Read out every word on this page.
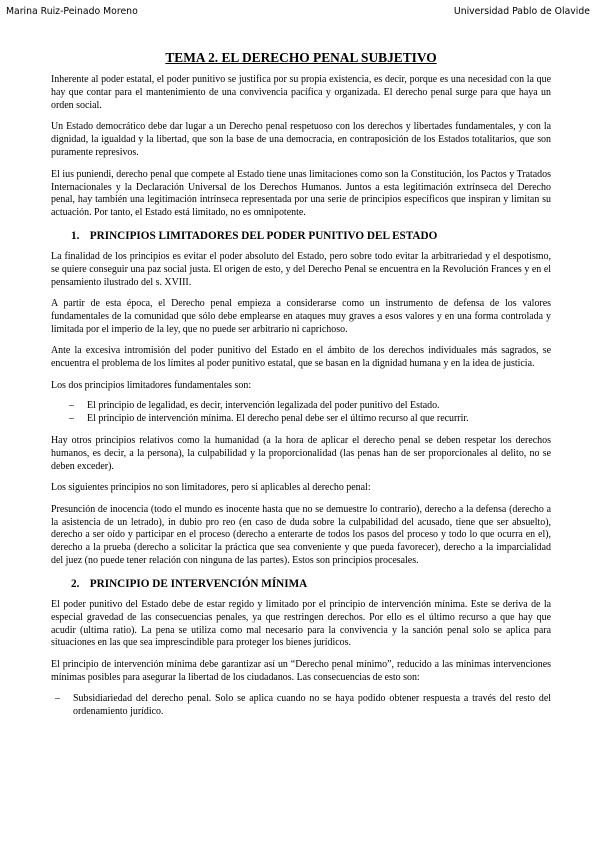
Marina Ruiz-Peinado Moreno	Universidad Pablo de Olavide
TEMA 2. EL DERECHO PENAL SUBJETIVO

Inherente al poder estatal, el poder punitivo se justifica por su propia existencia, es decir, porque es una necesidad con la que hay que contar para el mantenimiento de una convivencia pacífica y organizada. El derecho penal surge para que haya un orden social.

Un Estado democrático debe dar lugar a un Derecho penal respetuoso con los derechos y libertades fundamentales, y con la dignidad, la igualdad y la libertad, que son la base de una democracia, en contraposición de los Estados totalitarios, que son puramente represivos.

El ius puniendi, derecho penal que compete al Estado tiene unas limitaciones como son la Constitución, los Pactos y Tratados Internacionales y la Declaración Universal de los Derechos Humanos. Juntos a esta legitimación extrínseca del Derecho penal, hay también una legitimación intrínseca representada por una serie de principios específicos que inspiran y limitan su actuación. Por tanto, el Estado está limitado, no es omnipotente.

1. PRINCIPIOS LIMITADORES DEL PODER PUNITIVO DEL ESTADO

La finalidad de los principios es evitar el poder absoluto del Estado, pero sobre todo evitar la arbitrariedad y el despotismo, se quiere conseguir una paz social justa. El origen de esto, y del Derecho Penal se encuentra en la Revolución Frances y en el pensamiento ilustrado del s. XVIII.

A partir de esta época, el Derecho penal empieza a considerarse como un instrumento de defensa de los valores fundamentales de la comunidad que sólo debe emplearse en ataques muy graves a esos valores y en una forma controlada y limitada por el imperio de la ley, que no puede ser arbitrario ni caprichoso.

Ante la excesiva intromisión del poder punitivo del Estado en el ámbito de los derechos individuales más sagrados, se encuentra el problema de los límites al poder punitivo estatal, que se basan en la dignidad humana y en la idea de justicia.

Los dos principios limitadores fundamentales son:

– El principio de legalidad, es decir, intervención legalizada del poder punitivo del Estado.
– El principio de intervención mínima. El derecho penal debe ser el último recurso al que recurrir.

Hay otros principios relativos como la humanidad (a la hora de aplicar el derecho penal se deben respetar los derechos humanos, es decir, a la persona), la culpabilidad y la proporcionalidad (las penas han de ser proporcionales al delito, no se deben exceder).

Los siguientes principios no son limitadores, pero si aplicables al derecho penal:

Presunción de inocencia (todo el mundo es inocente hasta que no se demuestre lo contrario), derecho a la defensa (derecho a la asistencia de un letrado), in dubio pro reo (en caso de duda sobre la culpabilidad del acusado, tiene que ser absuelto), derecho a ser oído y participar en el proceso (derecho a enterarte de todos los pasos del proceso y todo lo que ocurra en el), derecho a la prueba (derecho a solicitar la práctica que sea conveniente y que pueda favorecer), derecho a la imparcialidad del juez (no puede tener relación con ninguna de las partes). Estos son principios procesales.

2. PRINCIPIO DE INTERVENCIÓN MÍNIMA

El poder punitivo del Estado debe de estar regido y limitado por el principio de intervención mínima. Este se deriva de la especial gravedad de las consecuencias penales, ya que restringen derechos. Por ello es el último recurso a que hay que acudir (ultima ratio). La pena se utiliza como mal necesario para la convivencia y la sanción penal solo se aplica para situaciones en las que sea imprescindible para proteger los bienes jurídicos.

El principio de intervención mínima debe garantizar así un “Derecho penal mínimo”, reducido a las mínimas intervenciones mínimas posibles para asegurar la libertad de los ciudadanos. Las consecuencias de esto son:

– Subsidiariedad del derecho penal. Solo se aplica cuando no se haya podido obtener respuesta a través del resto del ordenamiento jurídico.
